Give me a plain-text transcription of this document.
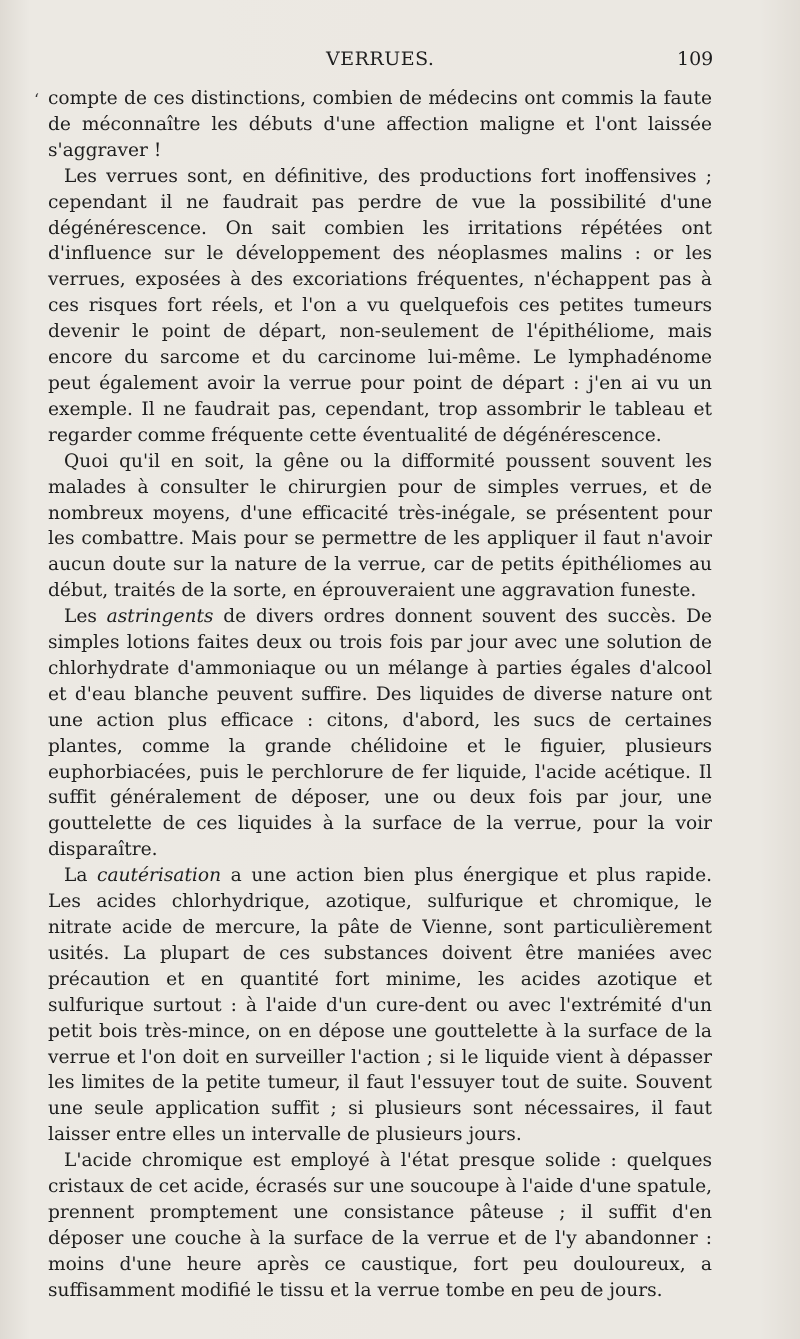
VERRUES.	109
ʻ compte de ces distinctions, combien de médecins ont commis la faute de méconnaître les débuts d'une affection maligne et l'ont laissée s'aggraver !

Les verrues sont, en définitive, des productions fort inoffensives ; cependant il ne faudrait pas perdre de vue la possibilité d'une dégénérescence. On sait combien les irritations répétées ont d'influence sur le développement des néoplasmes malins : or les verrues, exposées à des excoriations fréquentes, n'échappent pas à ces risques fort réels, et l'on a vu quelquefois ces petites tumeurs devenir le point de départ, non-seulement de l'épithéliome, mais encore du sarcome et du carcinome lui-même. Le lymphadénome peut également avoir la verrue pour point de départ : j'en ai vu un exemple. Il ne faudrait pas, cependant, trop assombrir le tableau et regarder comme fréquente cette éventualité de dégénérescence.

Quoi qu'il en soit, la gêne ou la difformité poussent souvent les malades à consulter le chirurgien pour de simples verrues, et de nombreux moyens, d'une efficacité très-inégale, se présentent pour les combattre. Mais pour se permettre de les appliquer il faut n'avoir aucun doute sur la nature de la verrue, car de petits épithéliomes au début, traités de la sorte, en éprouveraient une aggravation funeste.

Les astringents de divers ordres donnent souvent des succès. De simples lotions faites deux ou trois fois par jour avec une solution de chlorhydrate d'ammoniaque ou un mélange à parties égales d'alcool et d'eau blanche peuvent suffire. Des liquides de diverse nature ont une action plus efficace : citons, d'abord, les sucs de certaines plantes, comme la grande chélidoine et le figuier, plusieurs euphorbiacées, puis le perchlorure de fer liquide, l'acide acétique. Il suffit généralement de déposer, une ou deux fois par jour, une gouttelette de ces liquides à la surface de la verrue, pour la voir disparaître.

La cautérisation a une action bien plus énergique et plus rapide. Les acides chlorhydrique, azotique, sulfurique et chromique, le nitrate acide de mercure, la pâte de Vienne, sont particulièrement usités. La plupart de ces substances doivent être maniées avec précaution et en quantité fort minime, les acides azotique et sulfurique surtout : à l'aide d'un cure-dent ou avec l'extrémité d'un petit bois très-mince, on en dépose une gouttelette à la surface de la verrue et l'on doit en surveiller l'action ; si le liquide vient à dépasser les limites de la petite tumeur, il faut l'essuyer tout de suite. Souvent une seule application suffit ; si plusieurs sont nécessaires, il faut laisser entre elles un intervalle de plusieurs jours.

L'acide chromique est employé à l'état presque solide : quelques cristaux de cet acide, écrasés sur une soucoupe à l'aide d'une spatule, prennent promptement une consistance pâteuse ; il suffit d'en déposer une couche à la surface de la verrue et de l'y abandonner : moins d'une heure après ce caustique, fort peu douloureux, a suffisamment modifié le tissu et la verrue tombe en peu de jours.
